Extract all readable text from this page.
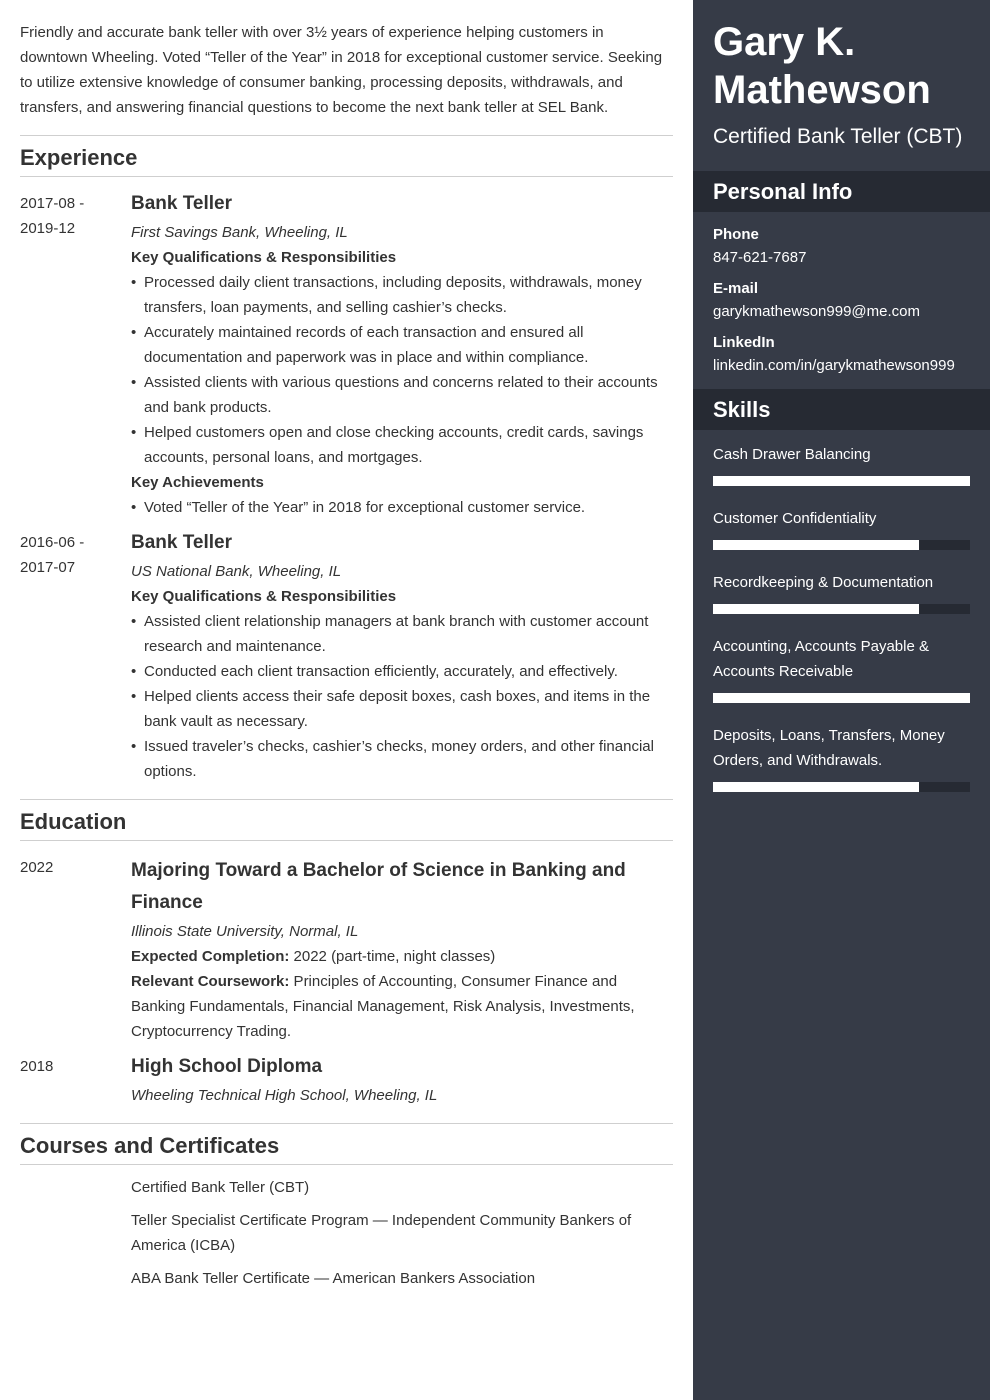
Friendly and accurate bank teller with over 3½ years of experience helping customers in downtown Wheeling. Voted “Teller of the Year” in 2018 for exceptional customer service. Seeking to utilize extensive knowledge of consumer banking, processing deposits, withdrawals, and transfers, and answering financial questions to become the next bank teller at SEL Bank.

Experience
2017-08 - 2019-12
Bank Teller
First Savings Bank, Wheeling, IL
Key Qualifications & Responsibilities
• Processed daily client transactions, including deposits, withdrawals, money transfers, loan payments, and selling cashier’s checks.
• Accurately maintained records of each transaction and ensured all documentation and paperwork was in place and within compliance.
• Assisted clients with various questions and concerns related to their accounts and bank products.
• Helped customers open and close checking accounts, credit cards, savings accounts, personal loans, and mortgages.
Key Achievements
• Voted “Teller of the Year” in 2018 for exceptional customer service.
2016-06 - 2017-07
Bank Teller
US National Bank, Wheeling, IL
Key Qualifications & Responsibilities
• Assisted client relationship managers at bank branch with customer account research and maintenance.
• Conducted each client transaction efficiently, accurately, and effectively.
• Helped clients access their safe deposit boxes, cash boxes, and items in the bank vault as necessary.
• Issued traveler’s checks, cashier’s checks, money orders, and other financial options.
Education
2022	Majoring Toward a Bachelor of Science in Banking and Finance
Illinois State University, Normal, IL
Expected Completion: 2022 (part-time, night classes)
Relevant Coursework: Principles of Accounting, Consumer Finance and Banking Fundamentals, Financial Management, Risk Analysis, Investments, Cryptocurrency Trading.
2018	High School Diploma
Wheeling Technical High School, Wheeling, IL
Courses and Certificates
Certified Bank Teller (CBT)
Teller Specialist Certificate Program — Independent Community Bankers of America (ICBA)
ABA Bank Teller Certificate — American Bankers Association
Gary K. Mathewson
Certified Bank Teller (CBT)
Personal Info
Phone
847-621-7687
E-mail
garykmathewson999@me.com
LinkedIn
linkedin.com/in/garykmathewson999
Skills
Cash Drawer Balancing
Customer Confidentiality
Recordkeeping & Documentation
Accounting, Accounts Payable & Accounts Receivable
Deposits, Loans, Transfers, Money Orders, and Withdrawals.
